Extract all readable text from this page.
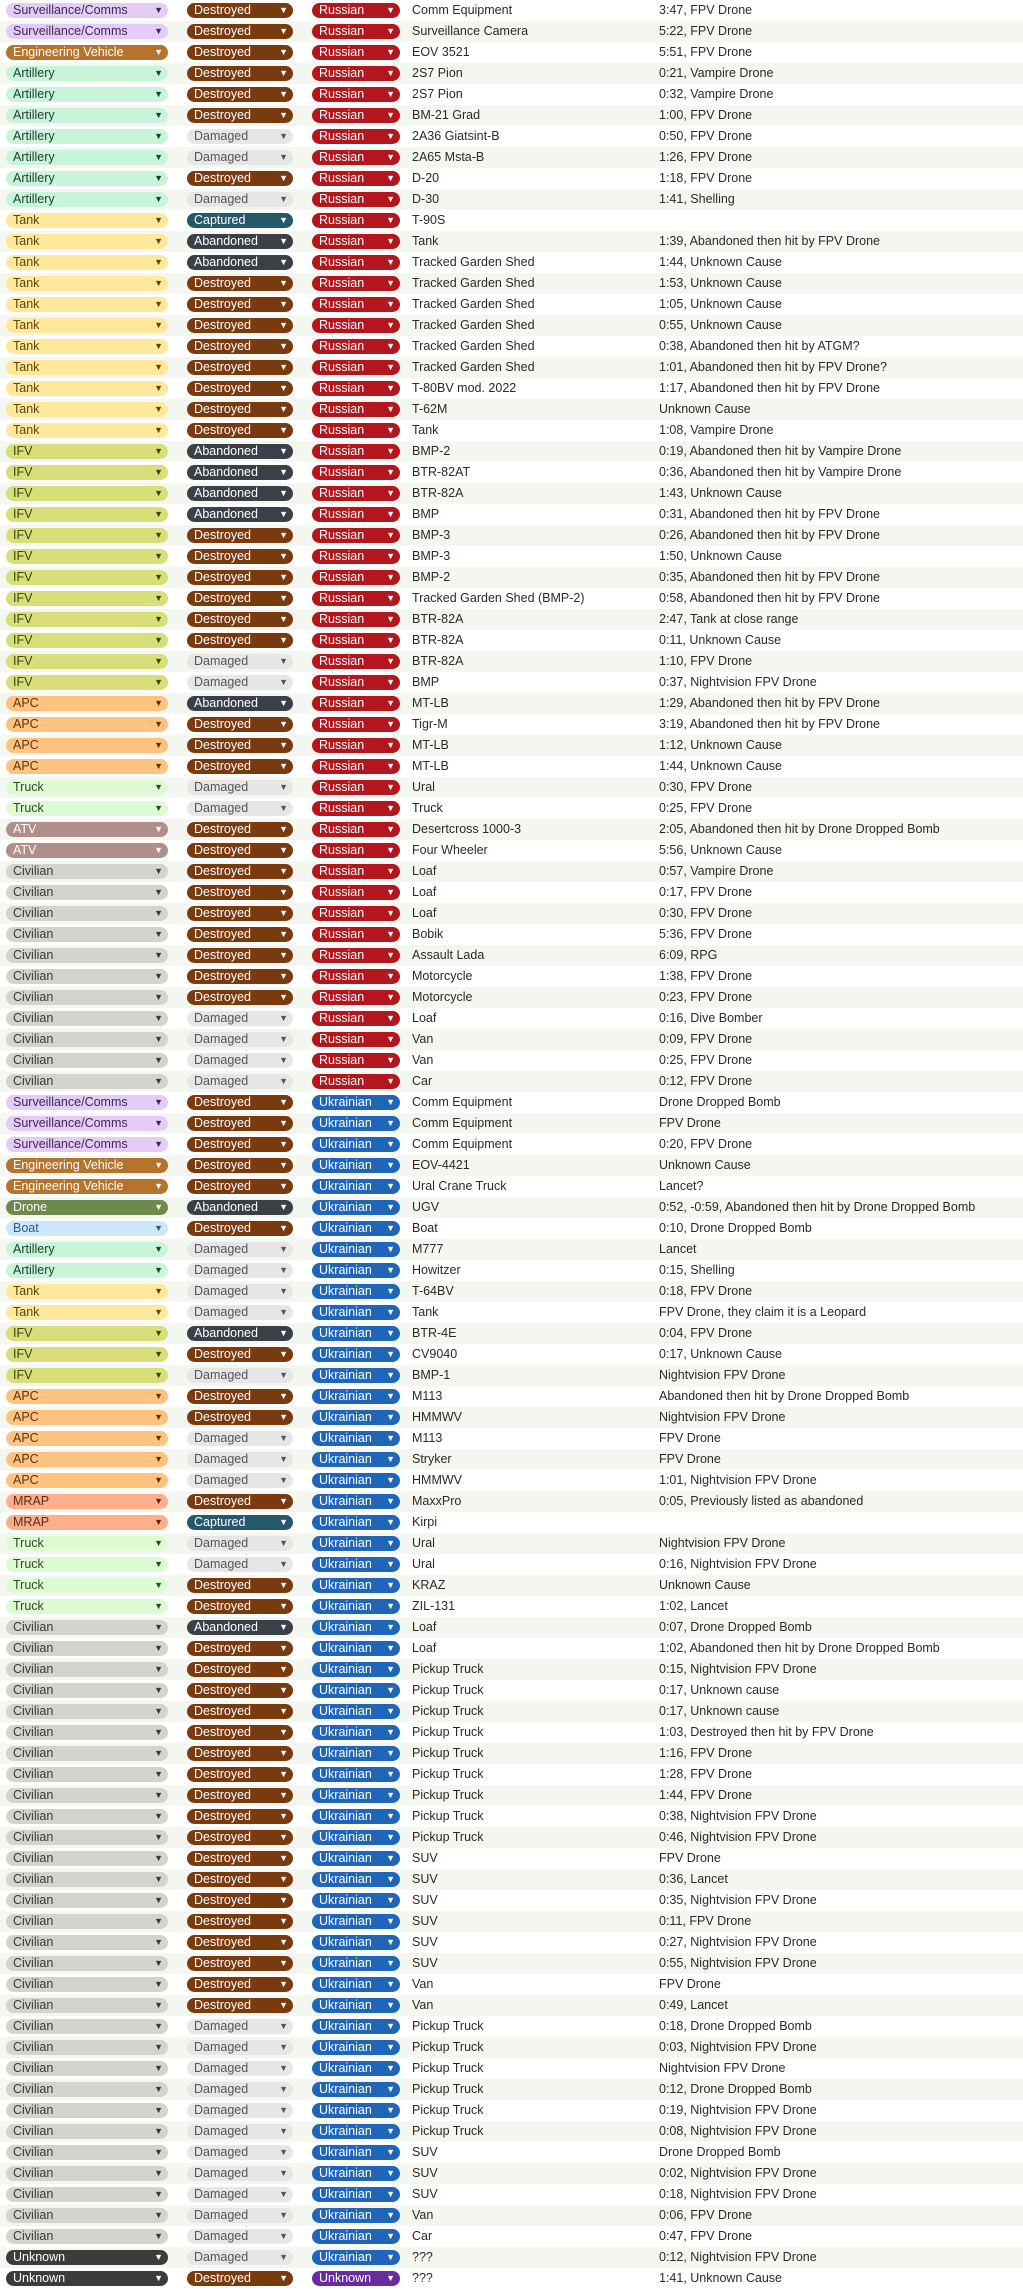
Surveillance/Comms	▼	Destroyed	▼	Russian ▼ Comm Equipment	3:47, FPV Drone
Surveillance/Comms	▼	Destroyed	▼	Russian ▼ Surveillance Camera	5:22, FPV Drone
Engineering Vehicle	▼	Destroyed	▼	Russian ▼ EOV 3521	5:51, FPV Drone
Artillery	▼	Destroyed	▼	Russian ▼ 2S7 Pion	0:21, Vampire Drone
Artillery	▼	Destroyed	▼	Russian ▼ 2S7 Pion	0:32, Vampire Drone
Artillery	▼	Destroyed	▼	Russian ▼ BM-21 Grad	1:00, FPV Drone
Artillery	▼	Damaged	▼	Russian ▼ 2A36 Giatsint-B	0:50, FPV Drone
Artillery	▼	Damaged	▼	Russian ▼ 2A65 Msta-B	1:26, FPV Drone
Artillery	▼	Destroyed	▼	Russian ▼ D-20	1:18, FPV Drone
Artillery	▼	Damaged	▼	Russian ▼ D-30	1:41, Shelling
Tank	▼	Captured	▼	Russian ▼ T-90S
Tank	▼	Abandoned ▼	Russian ▼ Tank	1:39, Abandoned then hit by FPV Drone
Tank	▼	Abandoned ▼	Russian ▼ Tracked Garden Shed	1:44, Unknown Cause
Tank	▼	Destroyed	▼	Russian ▼ Tracked Garden Shed	1:53, Unknown Cause
Tank	▼	Destroyed	▼	Russian ▼ Tracked Garden Shed	1:05, Unknown Cause
Tank	▼	Destroyed	▼	Russian ▼ Tracked Garden Shed	0:55, Unknown Cause
Tank	▼	Destroyed	▼	Russian ▼ Tracked Garden Shed	0:38, Abandoned then hit by ATGM?
Tank	▼	Destroyed	▼	Russian ▼ Tracked Garden Shed	1:01, Abandoned then hit by FPV Drone?
Tank	▼	Destroyed	▼	Russian ▼ T-80BV mod. 2022	1:17, Abandoned then hit by FPV Drone
Tank	▼	Destroyed	▼	Russian ▼ T-62M	Unknown Cause
Tank	▼	Destroyed	▼	Russian ▼ Tank	1:08, Vampire Drone
IFV	▼	Abandoned ▼	Russian ▼ BMP-2	0:19, Abandoned then hit by Vampire Drone
IFV	▼	Abandoned ▼	Russian ▼ BTR-82AT	0:36, Abandoned then hit by Vampire Drone
IFV	▼	Abandoned ▼	Russian ▼ BTR-82A	1:43, Unknown Cause
IFV	▼	Abandoned ▼	Russian ▼ BMP	0:31, Abandoned then hit by FPV Drone
IFV	▼	Destroyed	▼	Russian ▼ BMP-3	0:26, Abandoned then hit by FPV Drone
IFV	▼	Destroyed	▼	Russian ▼ BMP-3	1:50, Unknown Cause
IFV	▼	Destroyed	▼	Russian ▼ BMP-2	0:35, Abandoned then hit by FPV Drone
IFV	▼	Destroyed	▼	Russian ▼ Tracked Garden Shed (BMP-2)	0:58, Abandoned then hit by FPV Drone
IFV	▼	Destroyed	▼	Russian ▼ BTR-82A	2:47, Tank at close range
IFV	▼	Destroyed	▼	Russian ▼ BTR-82A	0:11, Unknown Cause
IFV	▼	Damaged	▼	Russian ▼ BTR-82A	1:10, FPV Drone
IFV	▼	Damaged	▼	Russian ▼ BMP	0:37, Nightvision FPV Drone
APC	▼	Abandoned ▼	Russian ▼ MT-LB	1:29, Abandoned then hit by FPV Drone
APC	▼	Destroyed	▼	Russian ▼ Tigr-M	3:19, Abandoned then hit by FPV Drone
APC	▼	Destroyed	▼	Russian ▼ MT-LB	1:12, Unknown Cause
APC	▼	Destroyed	▼	Russian ▼ MT-LB	1:44, Unknown Cause
Truck	▼	Damaged	▼	Russian ▼ Ural	0:30, FPV Drone
Truck	▼	Damaged	▼	Russian ▼ Truck	0:25, FPV Drone
ATV	▼	Destroyed	▼	Russian ▼ Desertcross 1000-3	2:05, Abandoned then hit by Drone Dropped Bomb
ATV	▼	Destroyed	▼	Russian ▼ Four Wheeler	5:56, Unknown Cause
Civilian	▼	Destroyed	▼	Russian ▼ Loaf	0:57, Vampire Drone
Civilian	▼	Destroyed	▼	Russian ▼ Loaf	0:17, FPV Drone
Civilian	▼	Destroyed	▼	Russian ▼ Loaf	0:30, FPV Drone
Civilian	▼	Destroyed	▼	Russian ▼ Bobik	5:36, FPV Drone
Civilian	▼	Destroyed	▼	Russian ▼ Assault Lada	6:09, RPG
Civilian	▼	Destroyed	▼	Russian ▼ Motorcycle	1:38, FPV Drone
Civilian	▼	Destroyed	▼	Russian ▼ Motorcycle	0:23, FPV Drone
Civilian	▼	Damaged	▼	Russian ▼ Loaf	0:16, Dive Bomber
Civilian	▼	Damaged	▼	Russian ▼ Van	0:09, FPV Drone
Civilian	▼	Damaged	▼	Russian ▼ Van	0:25, FPV Drone
Civilian	▼	Damaged	▼	Russian ▼ Car	0:12, FPV Drone
Surveillance/Comms	▼	Destroyed	▼	Ukrainian ▼ Comm Equipment	Drone Dropped Bomb
Surveillance/Comms	▼	Destroyed	▼	Ukrainian ▼ Comm Equipment	FPV Drone
Surveillance/Comms	▼	Destroyed	▼	Ukrainian ▼ Comm Equipment	0:20, FPV Drone
Engineering Vehicle	▼	Destroyed	▼	Ukrainian ▼ EOV-4421	Unknown Cause
Engineering Vehicle	▼	Destroyed	▼	Ukrainian ▼ Ural Crane Truck	Lancet?
Drone	▼	Abandoned ▼	Ukrainian ▼ UGV	0:52, -0:59, Abandoned then hit by Drone Dropped Bomb
Boat	▼	Destroyed	▼	Ukrainian ▼ Boat	0:10, Drone Dropped Bomb
Artillery	▼	Damaged	▼	Ukrainian ▼ M777	Lancet
Artillery	▼	Damaged	▼	Ukrainian ▼ Howitzer	0:15, Shelling
Tank	▼	Damaged	▼	Ukrainian ▼ T-64BV	0:18, FPV Drone
Tank	▼	Damaged	▼	Ukrainian ▼ Tank	FPV Drone, they claim it is a Leopard
IFV	▼	Abandoned ▼	Ukrainian ▼ BTR-4E	0:04, FPV Drone
IFV	▼	Destroyed	▼	Ukrainian ▼ CV9040	0:17, Unknown Cause
IFV	▼	Damaged	▼	Ukrainian ▼ BMP-1	Nightvision FPV Drone
APC	▼	Destroyed	▼	Ukrainian ▼ M113	Abandoned then hit by Drone Dropped Bomb
APC	▼	Destroyed	▼	Ukrainian ▼ HMMWV	Nightvision FPV Drone
APC	▼	Damaged	▼	Ukrainian ▼ M113	FPV Drone
APC	▼	Damaged	▼	Ukrainian ▼ Stryker	FPV Drone
APC	▼	Damaged	▼	Ukrainian ▼ HMMWV	1:01, Nightvision FPV Drone
MRAP	▼	Destroyed	▼	Ukrainian ▼ MaxxPro	0:05, Previously listed as abandoned
MRAP	▼	Captured	▼	Ukrainian ▼ Kirpi
Truck	▼	Damaged	▼	Ukrainian ▼ Ural	Nightvision FPV Drone
Truck	▼	Damaged	▼	Ukrainian ▼ Ural	0:16, Nightvision FPV Drone
Truck	▼	Destroyed	▼	Ukrainian ▼ KRAZ	Unknown Cause
Truck	▼	Destroyed	▼	Ukrainian ▼ ZIL-131	1:02, Lancet
Civilian	▼	Abandoned ▼	Ukrainian ▼ Loaf	0:07, Drone Dropped Bomb
Civilian	▼	Destroyed	▼	Ukrainian ▼ Loaf	1:02, Abandoned then hit by Drone Dropped Bomb
Civilian	▼	Destroyed	▼	Ukrainian ▼ Pickup Truck	0:15, Nightvision FPV Drone
Civilian	▼	Destroyed	▼	Ukrainian ▼ Pickup Truck	0:17, Unknown cause
Civilian	▼	Destroyed	▼	Ukrainian ▼ Pickup Truck	0:17, Unknown cause
Civilian	▼	Destroyed	▼	Ukrainian ▼ Pickup Truck	1:03, Destroyed then hit by FPV Drone
Civilian	▼	Destroyed	▼	Ukrainian ▼ Pickup Truck	1:16, FPV Drone
Civilian	▼	Destroyed	▼	Ukrainian ▼ Pickup Truck	1:28, FPV Drone
Civilian	▼	Destroyed	▼	Ukrainian ▼ Pickup Truck	1:44, FPV Drone
Civilian	▼	Destroyed	▼	Ukrainian ▼ Pickup Truck	0:38, Nightvision FPV Drone
Civilian	▼	Destroyed	▼	Ukrainian ▼ Pickup Truck	0:46, Nightvision FPV Drone
Civilian	▼	Destroyed	▼	Ukrainian ▼ SUV	FPV Drone
Civilian	▼	Destroyed	▼	Ukrainian ▼ SUV	0:36, Lancet
Civilian	▼	Destroyed	▼	Ukrainian ▼ SUV	0:35, Nightvision FPV Drone
Civilian	▼	Destroyed	▼	Ukrainian ▼ SUV	0:11, FPV Drone
Civilian	▼	Destroyed	▼	Ukrainian ▼ SUV	0:27, Nightvision FPV Drone
Civilian	▼	Destroyed	▼	Ukrainian ▼ SUV	0:55, Nightvision FPV Drone
Civilian	▼	Destroyed	▼	Ukrainian ▼ Van	FPV Drone
Civilian	▼	Destroyed	▼	Ukrainian ▼ Van	0:49, Lancet
Civilian	▼	Damaged	▼	Ukrainian ▼ Pickup Truck	0:18, Drone Dropped Bomb
Civilian	▼	Damaged	▼	Ukrainian ▼ Pickup Truck	0:03, Nightvision FPV Drone
Civilian	▼	Damaged	▼	Ukrainian ▼ Pickup Truck	Nightvision FPV Drone
Civilian	▼	Damaged	▼	Ukrainian ▼ Pickup Truck	0:12, Drone Dropped Bomb
Civilian	▼	Damaged	▼	Ukrainian ▼ Pickup Truck	0:19, Nightvision FPV Drone
Civilian	▼	Damaged	▼	Ukrainian ▼ Pickup Truck	0:08, Nightvision FPV Drone
Civilian	▼	Damaged	▼	Ukrainian ▼ SUV	Drone Dropped Bomb
Civilian	▼	Damaged	▼	Ukrainian ▼ SUV	0:02, Nightvision FPV Drone
Civilian	▼	Damaged	▼	Ukrainian ▼ SUV	0:18, Nightvision FPV Drone
Civilian	▼	Damaged	▼	Ukrainian ▼ Van	0:06, FPV Drone
Civilian	▼	Damaged	▼	Ukrainian ▼ Car	0:47, FPV Drone
Unknown	▼	Damaged	▼	Ukrainian ▼ ???	0:12, Nightvision FPV Drone
Unknown	▼	Destroyed	▼	Unknown ▼ ???	1:41, Unknown Cause
